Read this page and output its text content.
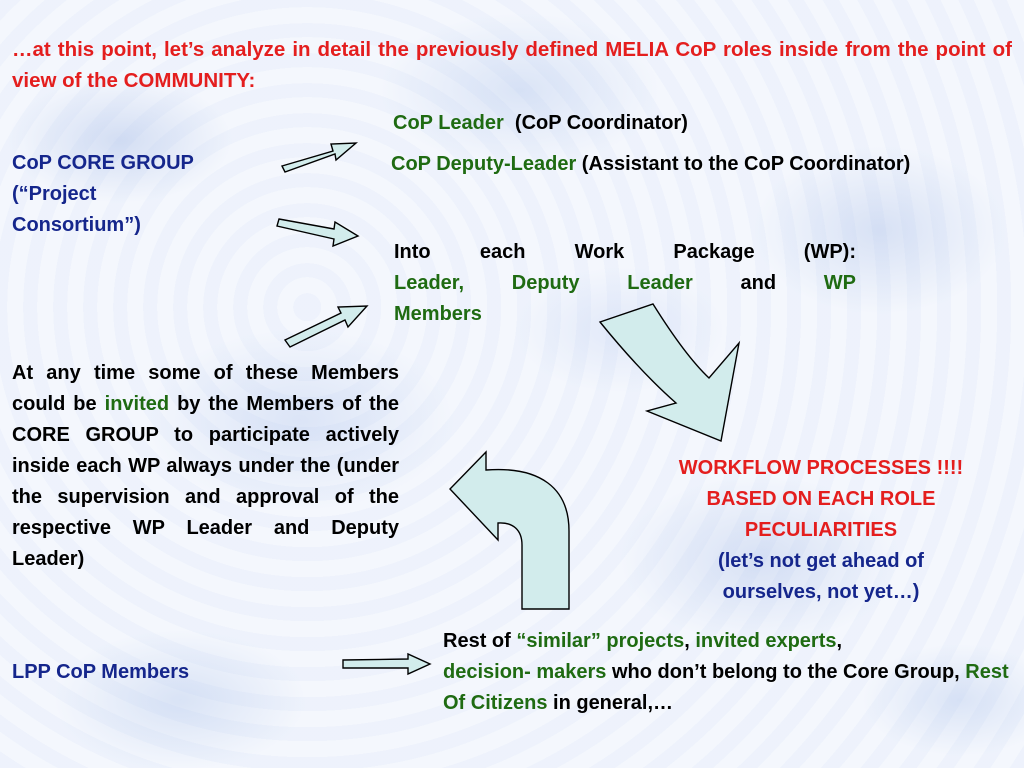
…at this point, let’s analyze in detail the previously defined MELIA CoP roles inside from the point of view of the COMMUNITY:

CoP CORE GROUP
(“Project
Consortium”)

CoP Leader (CoP Coordinator)

CoP Deputy-Leader (Assistant to the CoP Coordinator)

Into each Work Package (WP):

Leader, Deputy Leader and WP

Members

At any time some of these Members could be invited by the Members of the CORE GROUP to participate actively inside each WP always under the (under the supervision and approval of the respective WP Leader and Deputy Leader)

WORKFLOW PROCESSES !!!!

BASED ON EACH ROLE

PECULIARITIES

(let’s not get ahead of

ourselves, not yet…)

LPP CoP Members

Rest of “similar” projects, invited experts,
decision- makers who don’t belong to the Core Group, Rest Of Citizens in general,…
